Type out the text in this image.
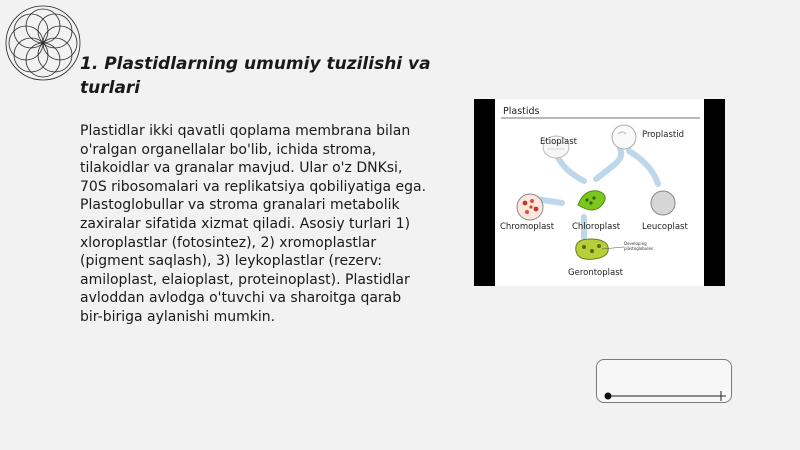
1. Plastidlarning umumiy tuzilishi va turlari

Plastidlar ikki qavatli qoplama membrana bilan o'ralgan organellalar bo'lib, ichida stroma, tilakoidlar va granalar mavjud. Ular o'z DNKsi, 70S ribosomalari va replikatsiya qobiliyatiga ega. Plastoglobullar va stroma granalari metabolik zaxiralar sifatida xizmat qiladi. Asosiy turlari 1) xloroplastlar (fotosintez), 2) xromoplastlar (pigment saqlash), 3) leykoplastlar (rezerv: amiloplast, elaioplast, proteinoplast). Plastidlar avloddan avlodga o'tuvchi va sharoitga qarab bir-biriga aylanishi mumkin.

Plastids
Etioplast
Proplastid
Chromoplast Chloroplast	Leucoplast
Developing
plastoglobules
Gerontoplast
